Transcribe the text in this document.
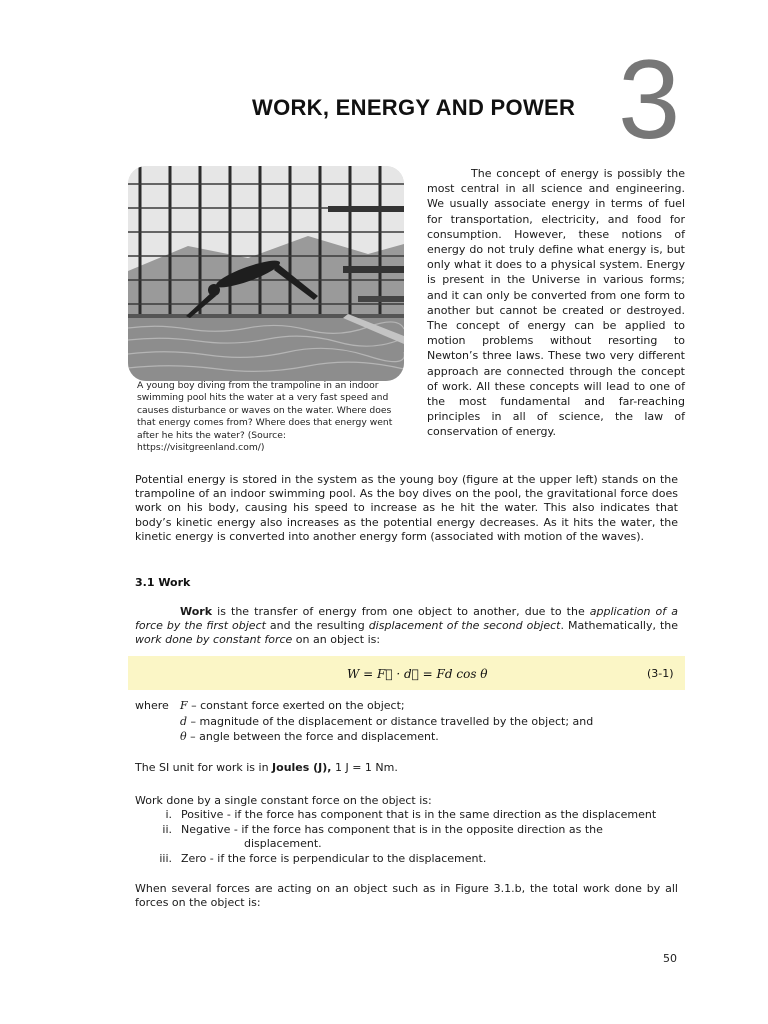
WORK, ENERGY AND POWER 3
A young boy diving from the trampoline in an indoor swimming pool hits the water at a very fast speed and causes disturbance or waves on the water. Where does that energy comes from? Where does that energy went after he hits the water? (Source: https://visitgreenland.com/)
The concept of energy is possibly the most central in all science and engineering. We usually associate energy in terms of fuel for transportation, electricity, and food for consumption. However, these notions of energy do not truly define what energy is, but only what it does to a physical system. Energy is present in the Universe in various forms; and it can only be converted from one form to another but cannot be created or destroyed. The concept of energy can be applied to motion problems without resorting to Newton’s three laws. These two very different approach are connected through the concept of work. All these concepts will lead to one of the most fundamental and far-reaching principles in all of science, the law of conservation of energy.
Potential energy is stored in the system as the young boy (figure at the upper left) stands on the trampoline of an indoor swimming pool. As the boy dives on the pool, the gravitational force does work on his body, causing his speed to increase as he hit the water. This also indicates that body’s kinetic energy also increases as the potential energy decreases. As it hits the water, the kinetic energy is converted into another energy form (associated with motion of the waves).
3.1 Work
Work is the transfer of energy from one object to another, due to the application of a force by the first object and the resulting displacement of the second object. Mathematically, the work done by constant force on an object is:
W = F⃗ · d⃗ = Fd cos θ	(3-1)
where F – constant force exerted on the object;
d – magnitude of the displacement or distance travelled by the object; and
θ – angle between the force and displacement.
The SI unit for work is in Joules (J), 1 J = 1 Nm.
Work done by a single constant force on the object is:
i. Positive - if the force has component that is in the same direction as the displacement
ii. Negative - if the force has component that is in the opposite direction as the
displacement.
iii. Zero - if the force is perpendicular to the displacement.
When several forces are acting on an object such as in Figure 3.1.b, the total work done by all forces on the object is:
50
